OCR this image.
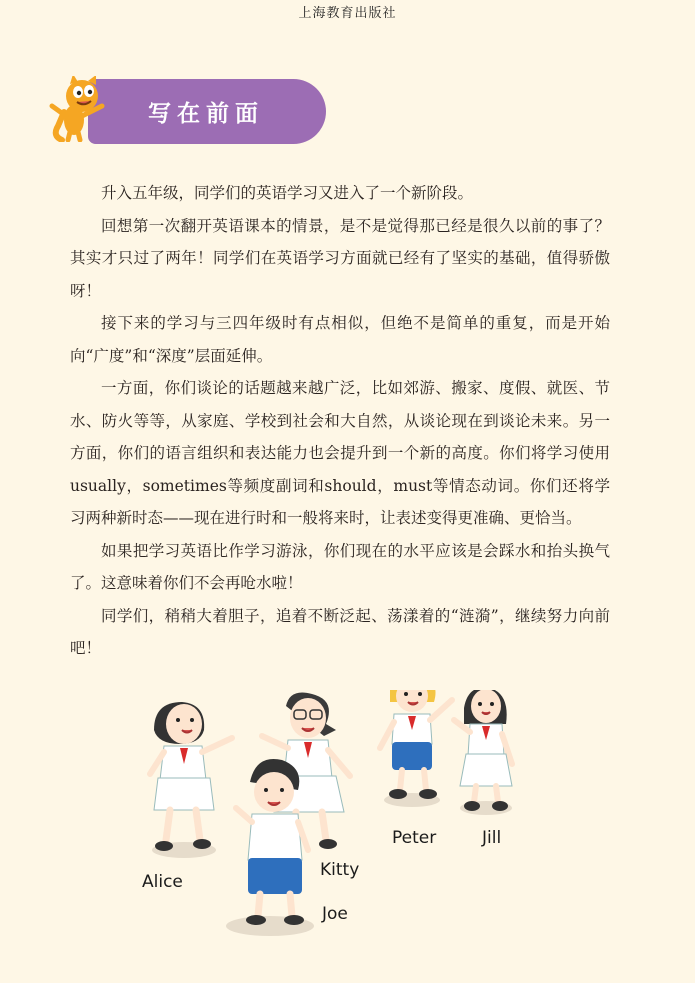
上海教育出版社
写在前面

升入五年级，同学们的英语学习又进入了一个新阶段。

回想第一次翻开英语课本的情景，是不是觉得那已经是很久以前的事了？其实才只过了两年！同学们在英语学习方面就已经有了坚实的基础，值得骄傲呀！

接下来的学习与三四年级时有点相似，但绝不是简单的重复，而是开始向“广度”和“深度”层面延伸。

一方面，你们谈论的话题越来越广泛，比如郊游、搬家、度假、就医、节水、防火等等，从家庭、学校到社会和大自然，从谈论现在到谈论未来。另一方面，你们的语言组织和表达能力也会提升到一个新的高度。你们将学习使用usually，sometimes等频度副词和should，must等情态动词。你们还将学习两种新时态——现在进行时和一般将来时，让表述变得更准确、更恰当。

如果把学习英语比作学习游泳，你们现在的水平应该是会踩水和抬头换气了。这意味着你们不会再呛水啦！

同学们，稍稍大着胆子，追着不断泛起、荡漾着的“涟漪”，继续努力向前吧！

Alice
Kitty
Joe
Peter	Jill
